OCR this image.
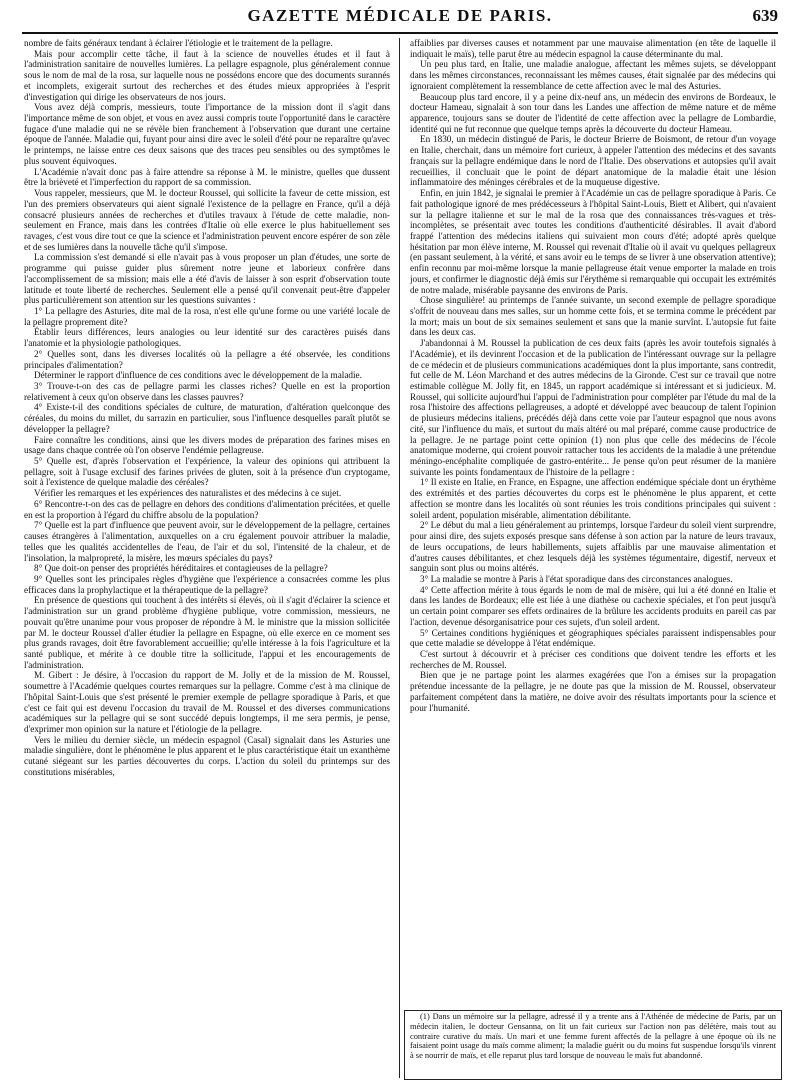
GAZETTE MÉDICALE DE PARIS.	639

nombre de faits généraux tendant à éclairer l'étiologie et le traitement de la pellagre.

Mais pour accomplir cette tâche, il faut à la science de nouvelles études et il faut à l'administration sanitaire de nouvelles lumières. La pellagre espagnole, plus généralement connue sous le nom de mal de la rosa, sur laquelle nous ne possédons encore que des documents surannés et incomplets, exigerait surtout des recherches et des études mieux appropriées à l'esprit d'investigation qui dirige les observateurs de nos jours.

Vous avez déjà compris, messieurs, toute l'importance de la mission dont il s'agit dans l'importance même de son objet, et vous en avez aussi compris toute l'opportunité dans le caractère fugace d'une maladie qui ne se révèle bien franchement à l'observation que durant une certaine époque de l'année. Maladie qui, fuyant pour ainsi dire avec le soleil d'été pour ne reparaître qu'avec le printemps, ne laisse entre ces deux saisons que des traces peu sensibles ou des symptômes le plus souvent équivoques.

L'Académie n'avait donc pas à faire attendre sa réponse à M. le ministre, quelles que dussent être la brièveté et l'imperfection du rapport de sa commission.

Vous rappeler, messieurs, que M. le docteur Roussel, qui sollicite la faveur de cette mission, est l'un des premiers observateurs qui aient signalé l'existence de la pellagre en France, qu'il a déjà consacré plusieurs années de recherches et d'utiles travaux à l'étude de cette maladie, non-seulement en France, mais dans les contrées d'Italie où elle exerce le plus habituellement ses ravages, c'est vous dire tout ce que la science et l'administration peuvent encore espérer de son zèle et de ses lumières dans la nouvelle tâche qu'il s'impose.

La commission s'est demandé si elle n'avait pas à vous proposer un plan d'études, une sorte de programme qui puisse guider plus sûrement notre jeune et laborieux confrère dans l'accomplissement de sa mission; mais elle a été d'avis de laisser à son esprit d'observation toute latitude et toute liberté de recherches. Seulement elle a pensé qu'il convenait peut-être d'appeler plus particulièrement son attention sur les questions suivantes :

1° La pellagre des Asturies, dite mal de la rosa, n'est elle qu'une forme ou une variété locale de la pellagre proprement dite?

Établir leurs différences, leurs analogies ou leur identité sur des caractères puisés dans l'anatomie et la physiologie pathologiques.

2° Quelles sont, dans les diverses localités où la pellagre a été observée, les conditions principales d'alimentation?

Déterminer le rapport d'influence de ces conditions avec le développement de la maladie.

3° Trouve-t-on des cas de pellagre parmi les classes riches? Quelle en est la proportion relativement à ceux qu'on observe dans les classes pauvres?

4° Existe-t-il des conditions spéciales de culture, de maturation, d'altération quelconque des céréales, du moins du millet, du sarrazin en particulier, sous l'influence desquelles paraît plutôt se développer la pellagre?

Faire connaître les conditions, ainsi que les divers modes de préparation des farines mises en usage dans chaque contrée où l'on observe l'endémie pellagreuse.

5° Quelle est, d'après l'observation et l'expérience, la valeur des opinions qui attribuent la pellagre, soit à l'usage exclusif des farines privées de gluten, soit à la présence d'un cryptogame, soit à l'existence de quelque maladie des céréales?

Vérifier les remarques et les expériences des naturalistes et des médecins à ce sujet.

6° Rencontre-t-on des cas de pellagre en dehors des conditions d'alimentation précitées, et quelle en est la proportion à l'égard du chiffre absolu de la population?

7° Quelle est la part d'influence que peuvent avoir, sur le développement de la pellagre, certaines causes étrangères à l'alimentation, auxquelles on a cru également pouvoir attribuer la maladie, telles que les qualités accidentelles de l'eau, de l'air et du sol, l'intensité de la chaleur, et de l'insolation, la malpropreté, la misère, les mœurs spéciales du pays?

8° Que doit-on penser des propriétés héréditaires et contagieuses de la pellagre?

9° Quelles sont les principales règles d'hygiène que l'expérience a consacrées comme les plus efficaces dans la prophylactique et la thérapeutique de la pellagre?

En présence de questions qui touchent à des intérêts si élevés, où il s'agit d'éclairer la science et l'administration sur un grand problème d'hygiène publique, votre commission, messieurs, ne pouvait qu'être unanime pour vous proposer de répondre à M. le ministre que la mission sollicitée par M. le docteur Roussel d'aller étudier la pellagre en Espagne, où elle exerce en ce moment ses plus grands ravages, doit être favorablement accueillie; qu'elle intéresse à la fois l'agriculture et la santé publique, et mérite à ce double titre la sollicitude, l'appui et les encouragements de l'administration.

M. Gibert : Je désire, à l'occasion du rapport de M. Jolly et de la mission de M. Roussel, soumettre à l'Académie quelques courtes remarques sur la pellagre. Comme c'est à ma clinique de l'hôpital Saint-Louis que s'est présenté le premier exemple de pellagre sporadique à Paris, et que c'est ce fait qui est devenu l'occasion du travail de M. Roussel et des diverses communications académiques sur la pellagre qui se sont succédé depuis longtemps, il me sera permis, je pense, d'exprimer mon opinion sur la nature et l'étiologie de la pellagre.

Vers le milieu du dernier siècle, un médecin espagnol (Casal) signalait dans les Asturies une maladie singulière, dont le phénomène le plus apparent et le plus caractéristique était un exanthème cutané siégeant sur les parties découvertes du corps. L'action du soleil du printemps sur des constitutions misérables,

affaiblies par diverses causes et notamment par une mauvaise alimentation (en tête de laquelle il indiquait le maïs), telle parut être au médecin espagnol la cause déterminante du mal.

Un peu plus tard, en Italie, une maladie analogue, affectant les mêmes sujets, se développant dans les mêmes circonstances, reconnaissant les mêmes causes, était signalée par des médecins qui ignoraient complètement la ressemblance de cette affection avec le mal des Asturies.

Beaucoup plus tard encore, il y a peine dix-neuf ans, un médecin des environs de Bordeaux, le docteur Hameau, signalait à son tour dans les Landes une affection de même nature et de même apparence, toujours sans se douter de l'identité de cette affection avec la pellagre de Lombardie, identité qui ne fut reconnue que quelque temps après la découverte du docteur Hameau.

En 1830, un médecin distingué de Paris, le docteur Brierre de Boismont, de retour d'un voyage en Italie, cherchait, dans un mémoire fort curieux, à appeler l'attention des médecins et des savants français sur la pellagre endémique dans le nord de l'Italie. Des observations et autopsies qu'il avait recueillies, il concluait que le point de départ anatomique de la maladie était une lésion inflammatoire des méninges cérébrales et de la muqueuse digestive.

Enfin, en juin 1842, je signalai le premier à l'Académie un cas de pellagre sporadique à Paris. Ce fait pathologique ignoré de mes prédécesseurs à l'hôpital Saint-Louis, Biett et Alibert, qui n'avaient sur la pellagre italienne et sur le mal de la rosa que des connaissances très-vagues et très-incomplètes, se présentait avec toutes les conditions d'authenticité désirables. Il avait d'abord frappé l'attention des médecins italiens qui suivaient mon cours d'été; adopté après quelque hésitation par mon élève interne, M. Roussel qui revenait d'Italie où il avait vu quelques pellagreux (en passant seulement, à la vérité, et sans avoir eu le temps de se livrer à une observation attentive); enfin reconnu par moi-même lorsque la manie pellagreuse était venue emporter la malade en trois jours, et confirmer le diagnostic déjà émis sur l'érythème si remarquable qui occupait les extrémités de notre malade, misérable paysanne des environs de Paris.

Chose singulière! au printemps de l'année suivante, un second exemple de pellagre sporadique s'offrit de nouveau dans mes salles, sur un homme cette fois, et se termina comme le précédent par la mort; mais un bout de six semaines seulement et sans que la manie survînt. L'autopsie fut faite dans les deux cas.

J'abandonnai à M. Roussel la publication de ces deux faits (après les avoir toutefois signalés à l'Académie), et ils devinrent l'occasion et de la publication de l'intéressant ouvrage sur la pellagre de ce médecin et de plusieurs communications académiques dont la plus importante, sans contredit, fut celle de M. Léon Marchand et des autres médecins de la Gironde. C'est sur ce travail que notre estimable collègue M. Jolly fit, en 1845, un rapport académique si intéressant et si judicieux. M. Roussel, qui sollicite aujourd'hui l'appui de l'administration pour compléter par l'étude du mal de la rosa l'histoire des affections pellagreuses, a adopté et développé avec beaucoup de talent l'opinion de plusieurs médecins italiens, précédés déjà dans cette voie par l'auteur espagnol que nous avons cité, sur l'influence du maïs, et surtout du maïs altéré ou mal préparé, comme cause productrice de la pellagre. Je ne partage point cette opinion (1) non plus que celle des médecins de l'école anatomique moderne, qui croient pouvoir rattacher tous les accidents de la maladie à une prétendue méningo-encéphalite compliquée de gastro-entérite... Je pense qu'on peut résumer de la manière suivante les points fondamentaux de l'histoire de la pellagre :

1° Il existe en Italie, en France, en Espagne, une affection endémique spéciale dont un érythème des extrémités et des parties découvertes du corps est le phénomène le plus apparent, et cette affection se montre dans les localités où sont réunies les trois conditions principales qui suivent : soleil ardent, population misérable, alimentation débilitante.

2° Le début du mal a lieu généralement au printemps, lorsque l'ardeur du soleil vient surprendre, pour ainsi dire, des sujets exposés presque sans défense à son action par la nature de leurs travaux, de leurs occupations, de leurs habillements, sujets affaiblis par une mauvaise alimentation et d'autres causes débilitantes, et chez lesquels déjà les systèmes tégumentaire, digestif, nerveux et sanguin sont plus ou moins altérés.

3° La maladie se montre à Paris à l'état sporadique dans des circonstances analogues.

4° Cette affection mérite à tous égards le nom de mal de misère, qui lui a été donné en Italie et dans les landes de Bordeaux; elle est liée à une diathèse ou cachexie spéciales, et l'on peut jusqu'à un certain point comparer ses effets ordinaires de la brûlure les accidents produits en pareil cas par l'action, devenue désorganisatrice pour ces sujets, d'un soleil ardent.

5° Certaines conditions hygiéniques et géographiques spéciales paraissent indispensables pour que cette maladie se développe à l'état endémique.

C'est surtout à découvrir et à préciser ces conditions que doivent tendre les efforts et les recherches de M. Roussel.

Bien que je ne partage point les alarmes exagérées que l'on a émises sur la propagation prétendue incessante de la pellagre, je ne doute pas que la mission de M. Roussel, observateur parfaitement compétent dans la matière, ne doive avoir des résultats importants pour la science et pour l'humanité.

(1) Dans un mémoire sur la pellagre, adressé il y a trente ans à l'Athénée de médecine de Paris, par un médecin italien, le docteur Gensanna, on lit un fait curieux sur l'action non pas délétère, mais tout au contraire curative du maïs. Un mari et une femme furent affectés de la pellagre à une époque où ils ne faisaient point usage du maïs comme aliment; la maladie guérit ou du moins fut suspendue lorsqu'ils vinrent à se nourrir de maïs, et elle reparut plus tard lorsque de nouveau le maïs fut abandonné.
